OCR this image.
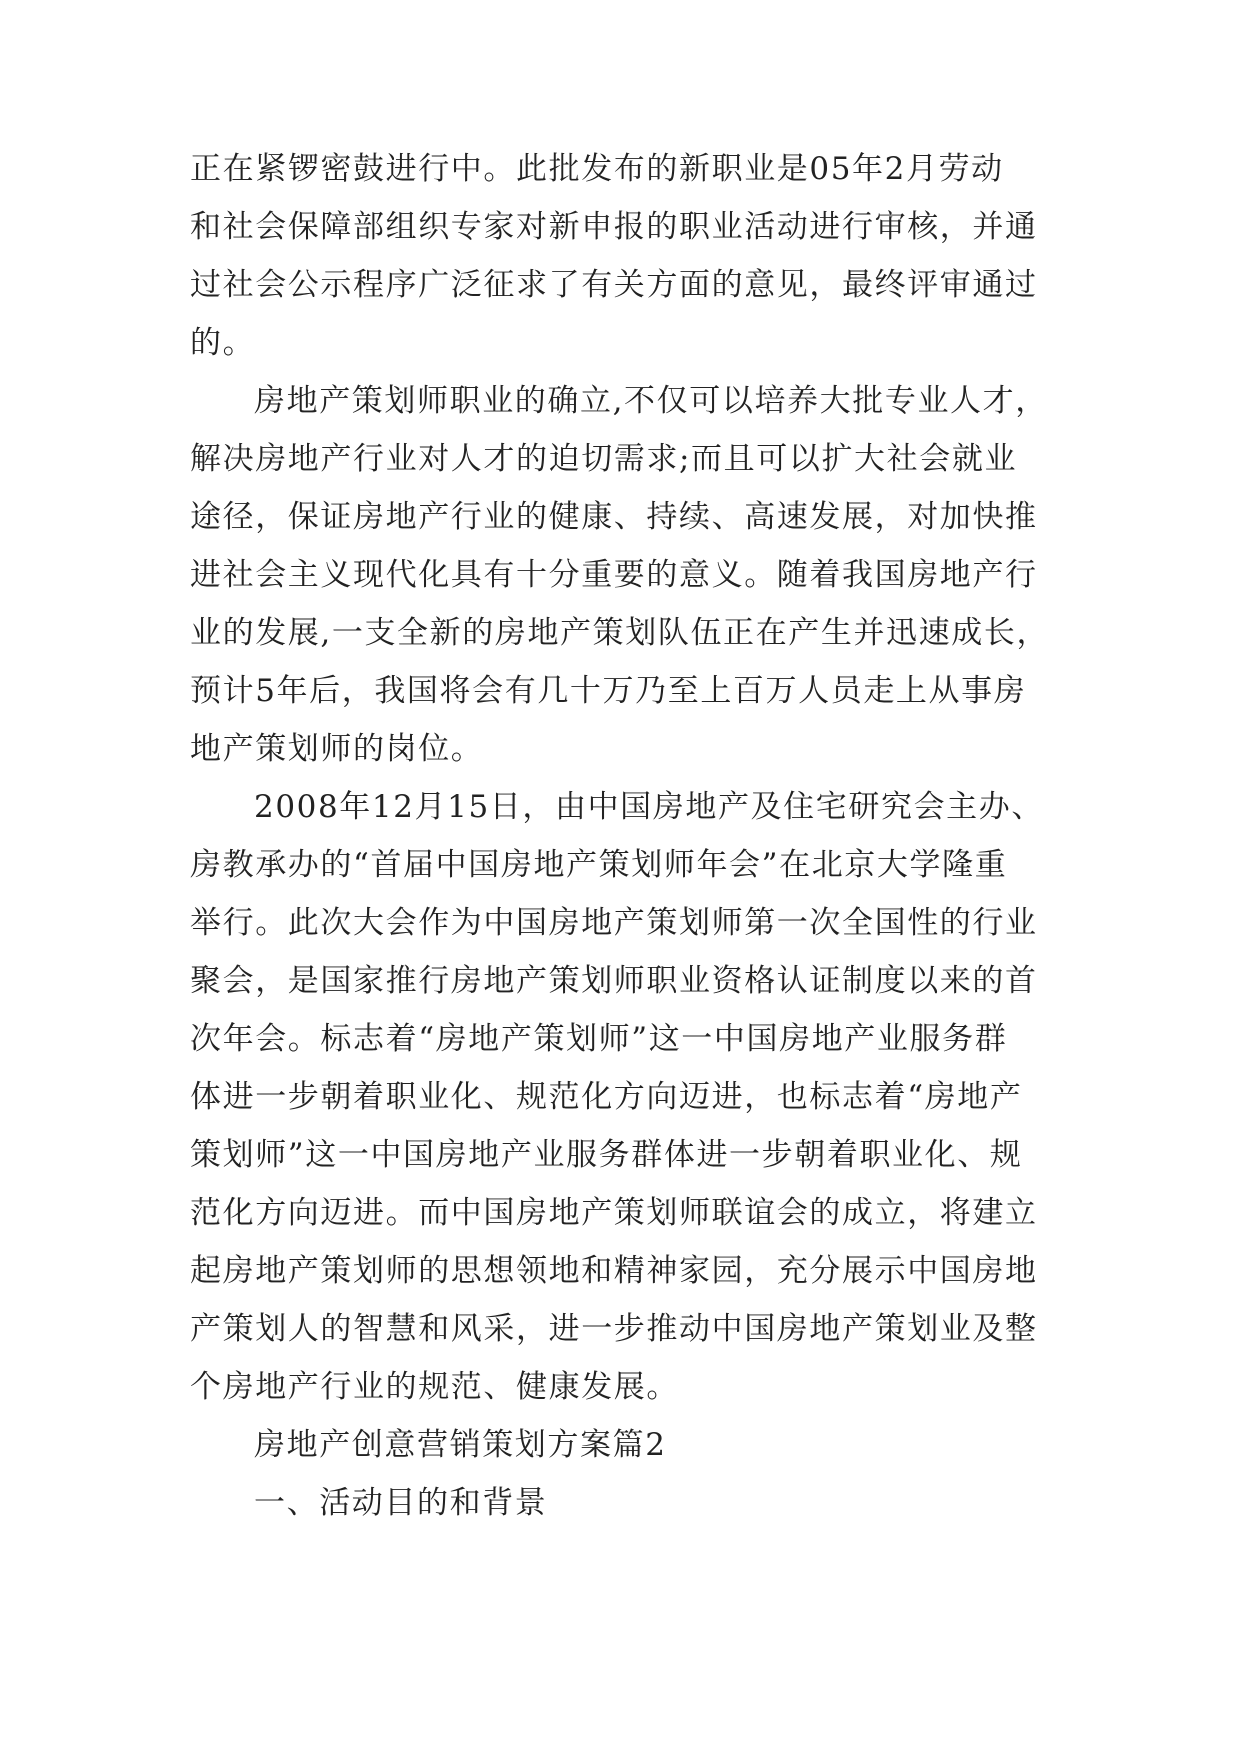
正在紧锣密鼓进行中。此批发布的新职业是05年2月劳动
和社会保障部组织专家对新申报的职业活动进行审核，并通
过社会公示程序广泛征求了有关方面的意见，最终评审通过
的。
房地产策划师职业的确立,不仅可以培养大批专业人才，
解决房地产行业对人才的迫切需求;而且可以扩大社会就业
途径，保证房地产行业的健康、持续、高速发展，对加快推
进社会主义现代化具有十分重要的意义。随着我国房地产行
业的发展,一支全新的房地产策划队伍正在产生并迅速成长，
预计5年后，我国将会有几十万乃至上百万人员走上从事房
地产策划师的岗位。
2008年12月15日，由中国房地产及住宅研究会主办、
房教承办的“首届中国房地产策划师年会”在北京大学隆重
举行。此次大会作为中国房地产策划师第一次全国性的行业
聚会，是国家推行房地产策划师职业资格认证制度以来的首
次年会。标志着“房地产策划师”这一中国房地产业服务群
体进一步朝着职业化、规范化方向迈进，也标志着“房地产
策划师”这一中国房地产业服务群体进一步朝着职业化、规
范化方向迈进。而中国房地产策划师联谊会的成立，将建立
起房地产策划师的思想领地和精神家园，充分展示中国房地
产策划人的智慧和风采，进一步推动中国房地产策划业及整
个房地产行业的规范、健康发展。
房地产创意营销策划方案篇2
一、活动目的和背景
